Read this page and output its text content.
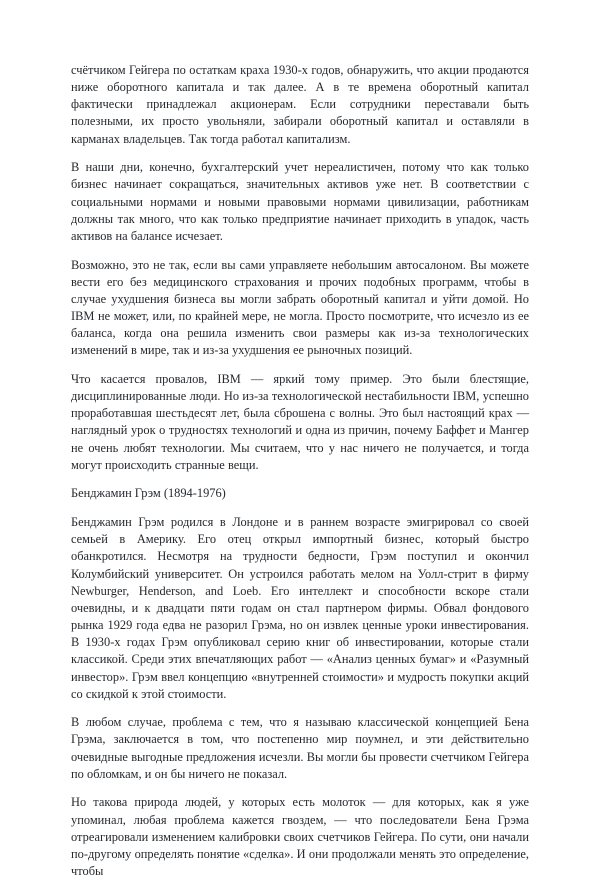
счётчиком Гейгера по остаткам краха 1930-х годов, обнаружить, что акции продаются ниже оборотного капитала и так далее. А в те времена оборотный капитал фактически принадлежал акционерам. Если сотрудники переставали быть полезными, их просто увольняли, забирали оборотный капитал и оставляли в карманах владельцев. Так тогда работал капитализм.

В наши дни, конечно, бухгалтерский учет нереалистичен, потому что как только бизнес начинает сокращаться, значительных активов уже нет. В соответствии с социальными нормами и новыми правовыми нормами цивилизации, работникам должны так много, что как только предприятие начинает приходить в упадок, часть активов на балансе исчезает.

Возможно, это не так, если вы сами управляете небольшим автосалоном. Вы можете вести его без медицинского страхования и прочих подобных программ, чтобы в случае ухудшения бизнеса вы могли забрать оборотный капитал и уйти домой. Но IBM не может, или, по крайней мере, не могла. Просто посмотрите, что исчезло из ее баланса, когда она решила изменить свои размеры как из-за технологических изменений в мире, так и из-за ухудшения ее рыночных позиций.

Что касается провалов, IBM — яркий тому пример. Это были блестящие, дисциплинированные люди. Но из-за технологической нестабильности IBM, успешно проработавшая шестьдесят лет, была сброшена с волны. Это был настоящий крах — наглядный урок о трудностях технологий и одна из причин, почему Баффет и Мангер не очень любят технологии. Мы считаем, что у нас ничего не получается, и тогда могут происходить странные вещи.

Бенджамин Грэм (1894-1976)

Бенджамин Грэм родился в Лондоне и в раннем возрасте эмигрировал со своей семьей в Америку. Его отец открыл импортный бизнес, который быстро обанкротился. Несмотря на трудности бедности, Грэм поступил и окончил Колумбийский университет. Он устроился работать мелом на Уолл-стрит в фирму Newburger, Henderson, and Loeb. Его интеллект и способности вскоре стали очевидны, и к двадцати пяти годам он стал партнером фирмы. Обвал фондового рынка 1929 года едва не разорил Грэма, но он извлек ценные уроки инвестирования. В 1930-х годах Грэм опубликовал серию книг об инвестировании, которые стали классикой. Среди этих впечатляющих работ — «Анализ ценных бумаг» и «Разумный инвестор». Грэм ввел концепцию «внутренней стоимости» и мудрость покупки акций со скидкой к этой стоимости.

В любом случае, проблема с тем, что я называю классической концепцией Бена Грэма, заключается в том, что постепенно мир поумнел, и эти действительно очевидные выгодные предложения исчезли. Вы могли бы провести счетчиком Гейгера по обломкам, и он бы ничего не показал.

Но такова природа людей, у которых есть молоток — для которых, как я уже упоминал, любая проблема кажется гвоздем, — что последователи Бена Грэма отреагировали изменением калибровки своих счетчиков Гейгера. По сути, они начали по-другому определять понятие «сделка». И они продолжали менять это определение, чтобы
